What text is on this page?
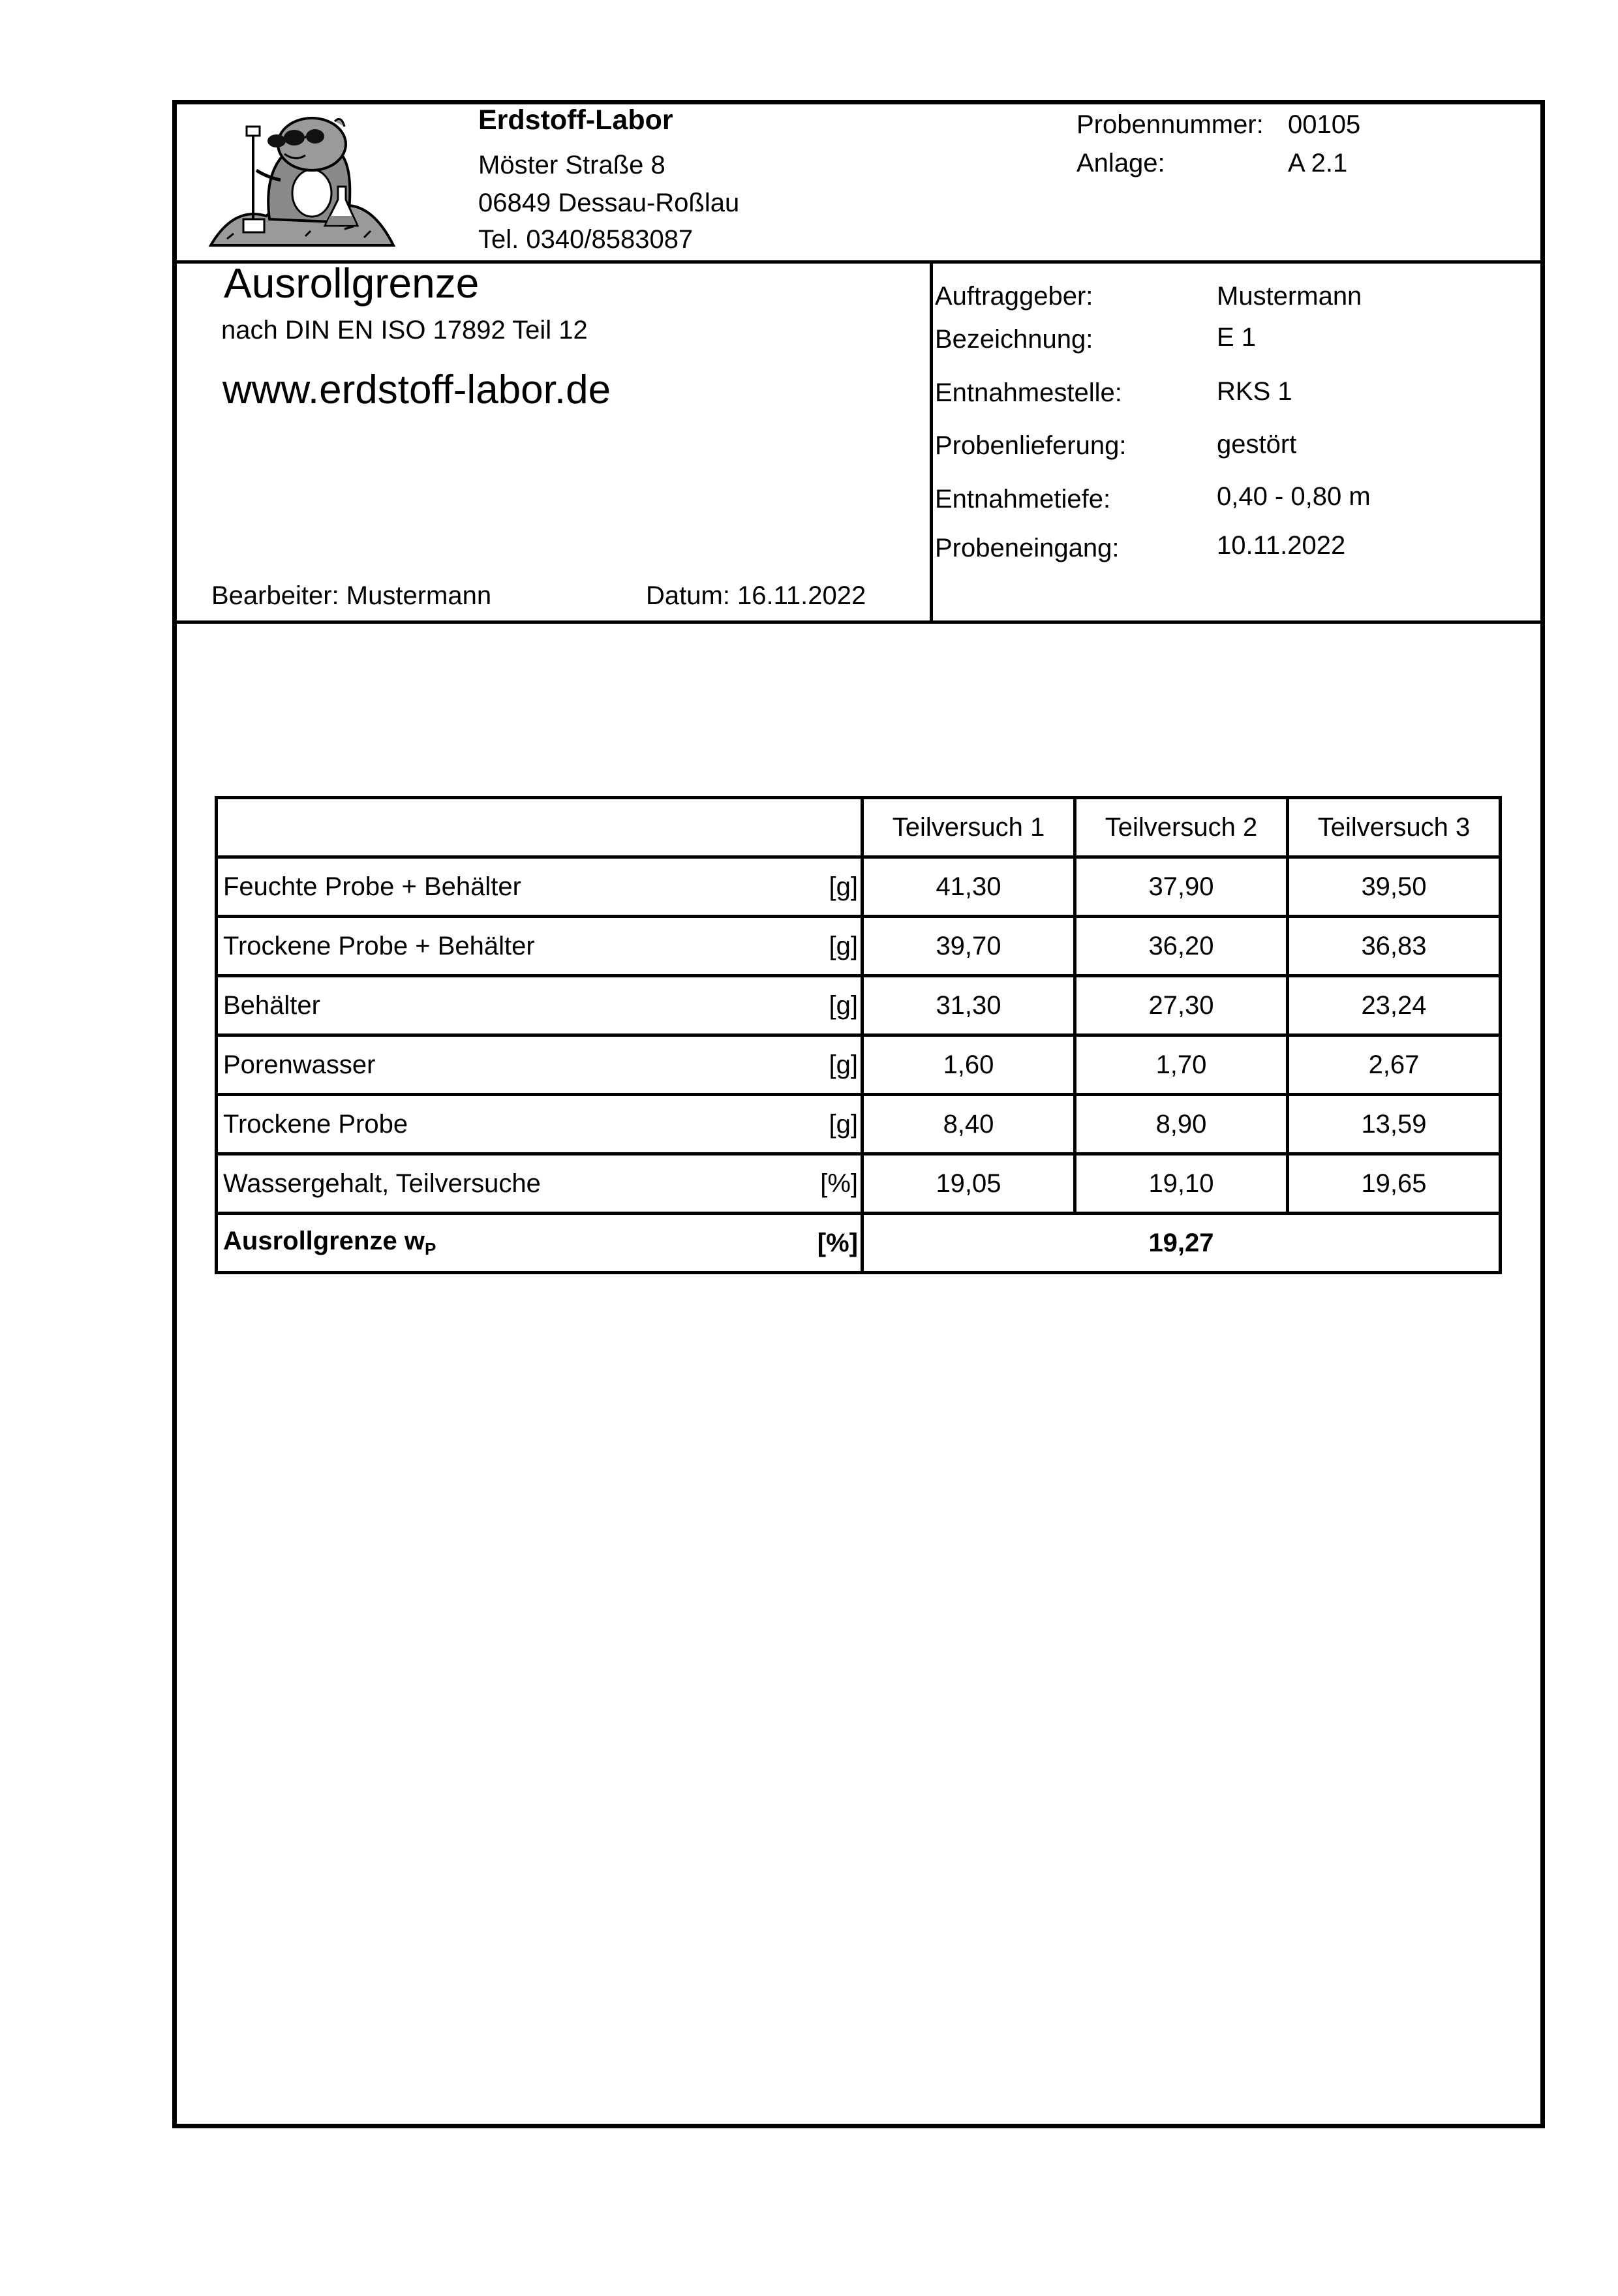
Erdstoff-Labor
Möster Straße 8
06849 Dessau-Roßlau
Tel. 0340/8583087
Probennummer: 00105
Anlage:	A 2.1
Ausrollgrenze
nach DIN EN ISO 17892 Teil 12
www.erdstoff-labor.de
Bearbeiter: Mustermann	Datum: 16.11.2022
Auftraggeber:	Mustermann
Bezeichnung:	E 1
Entnahmestelle:	RKS 1
Probenlieferung:	gestört
Entnahmetiefe:	0,40 - 0,80 m
Probeneingang:	10.11.2022
	Teilversuch 1	Teilversuch 2	Teilversuch 3

Feuchte Probe + Behälter [g]	41,30	37,90	39,50

Trockene Probe + Behälter [g]	39,70	36,20	36,83

Behälter [g]	31,30	27,30	23,24

Porenwasser [g]	1,60	1,70	2,67

Trockene Probe [g]	8,40	8,90	13,59

Wassergehalt, Teilversuche [%]	19,05	19,10	19,65

Ausrollgrenze $w_P$ [%]	19,27		
